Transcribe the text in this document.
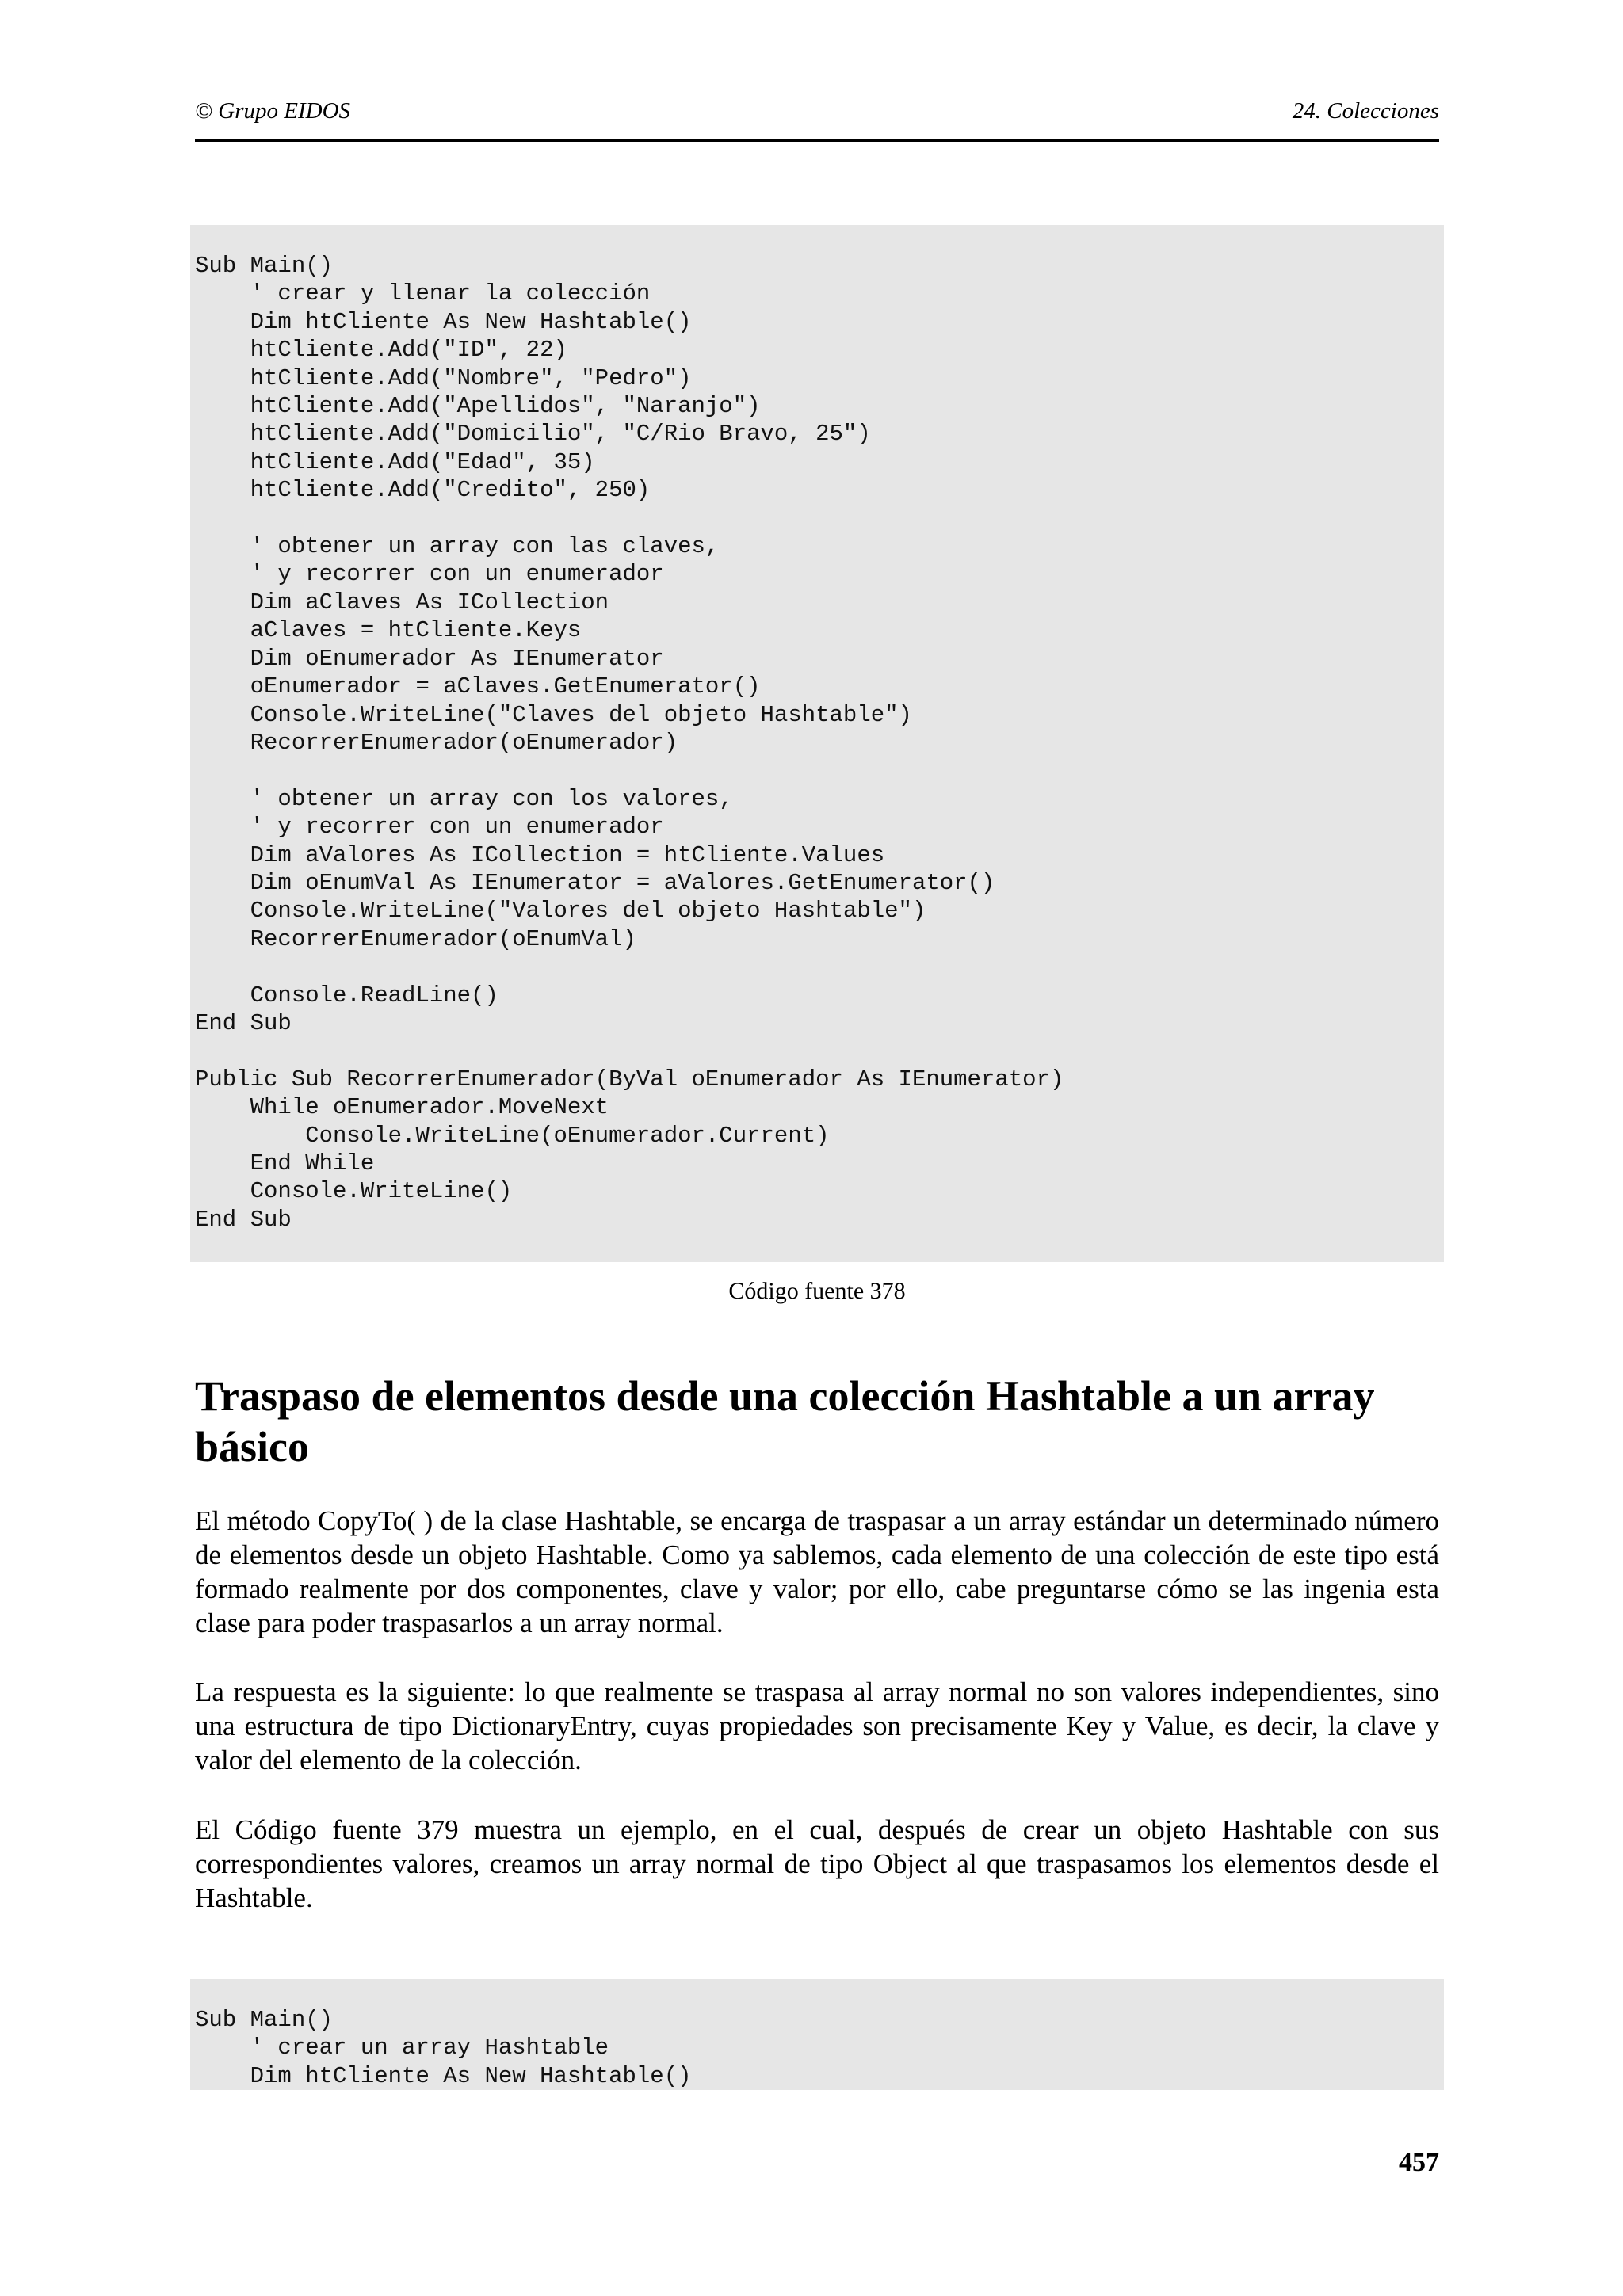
© Grupo EIDOS	24. Colecciones
Sub Main()
' crear y llenar la colección
Dim htCliente As New Hashtable()
htCliente.Add("ID", 22)
htCliente.Add("Nombre", "Pedro")
htCliente.Add("Apellidos", "Naranjo")
htCliente.Add("Domicilio", "C/Rio Bravo, 25")
htCliente.Add("Edad", 35)
htCliente.Add("Credito", 250)

' obtener un array con las claves,
' y recorrer con un enumerador
Dim aClaves As ICollection
aClaves = htCliente.Keys
Dim oEnumerador As IEnumerator
oEnumerador = aClaves.GetEnumerator()
Console.WriteLine("Claves del objeto Hashtable")
RecorrerEnumerador(oEnumerador)

' obtener un array con los valores,
' y recorrer con un enumerador
Dim aValores As ICollection = htCliente.Values
Dim oEnumVal As IEnumerator = aValores.GetEnumerator()
Console.WriteLine("Valores del objeto Hashtable")
RecorrerEnumerador(oEnumVal)

Console.ReadLine()
End Sub

Public Sub RecorrerEnumerador(ByVal oEnumerador As IEnumerator)
While oEnumerador.MoveNext
Console.WriteLine(oEnumerador.Current)
End While
Console.WriteLine()
End Sub
Código fuente 378
Traspaso de elementos desde una colección Hashtable a un array básico

El método CopyTo( ) de la clase Hashtable, se encarga de traspasar a un array estándar un determinado número de elementos desde un objeto Hashtable. Como ya sablemos, cada elemento de una colección de este tipo está formado realmente por dos componentes, clave y valor; por ello, cabe preguntarse cómo se las ingenia esta clase para poder traspasarlos a un array normal.

La respuesta es la siguiente: lo que realmente se traspasa al array normal no son valores independientes, sino una estructura de tipo DictionaryEntry, cuyas propiedades son precisamente Key y Value, es decir, la clave y valor del elemento de la colección.

El Código fuente 379 muestra un ejemplo, en el cual, después de crear un objeto Hashtable con sus correspondientes valores, creamos un array normal de tipo Object al que traspasamos los elementos desde el Hashtable.

Sub Main()
' crear un array Hashtable
Dim htCliente As New Hashtable()
457
